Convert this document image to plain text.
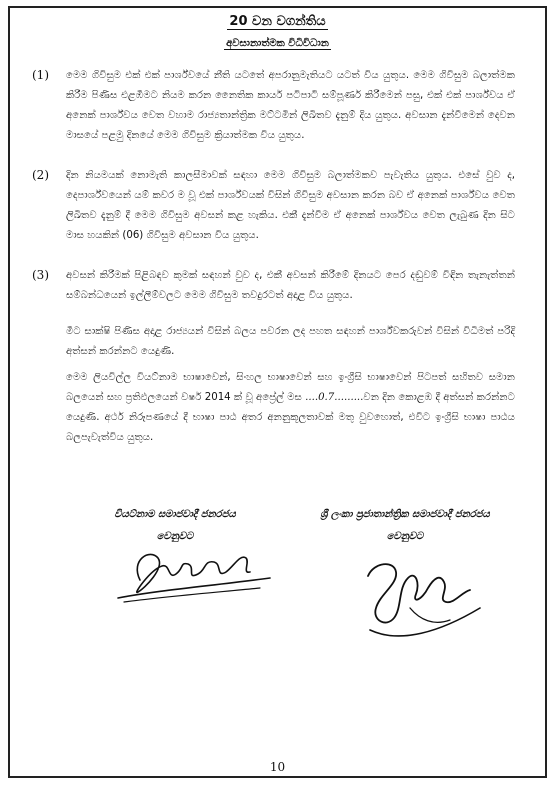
20 වන වගන්තිය
අවසානාත්මක විධිවිධාන
(1) මෙම ගිවිසුම එක් එක් පාර්ශ්වයේ නීති යටතේ අපරානුමැතියට යටත් විය යුතුය. මෙම ගිවිසුම බලාත්මක කිරීම පිණිස එළඹීමට නියම කරන නෛතික කාර්ය පටිපාටි සම්පූර්ණ කිරීමෙන් පසු, එක් එක් පාර්ශ්වය ඒ අනෙක් පාර්ශ්වය වෙත වහාම රාජ්‍යතාන්ත්‍රික මට්ටමින් ලිඛිතව දැනුම් දිය යුතුය. අවසාන දැන්වීමෙන් දෙවන මාසයේ පළමු දිනයේ මෙම ගිවිසුම ක්‍රියාත්මක විය යුතුය.
(2) දින නියමයක් නොමැති කාලසීමාවක් සඳහා මෙම ගිවිසුම බලාත්මකව පැවැතිය යුතුය. එසේ වුව ද, දෙපාර්ශ්වයෙන් යම් කවර ම වූ එක් පාර්ශ්වයක් විසින් ගිවිසුම අවසාන කරන බව ඒ අනෙක් පාර්ශ්වය වෙත ලිඛිතව දැනුම් දී මෙම ගිවිසුම අවසන් කළ හැකිය. එකී දැන්වීම ඒ අනෙක් පාර්ශ්වය වෙත ලැබුණ දින සිට මාස හයකින් (06) ගිවිසුම අවසාන විය යුතුය.
(3) අවසන් කිරීමක් පිළිබඳව කුමක් සඳහන් වුව ද, එකී අවසන් කිරීමේ දිනයට පෙර දඬුවම් විඳින තැනැත්තන් සම්බන්ධයෙන් ඉල්ලීම්වලට මෙම ගිවිසුම තවදුරටත් අදාළ විය යුතුය.
මීට සාක්ෂි පිණිස අදාළ රාජ්‍යයන් විසින් බලය පවරන ලද පහත සඳහන් පාර්ශ්වකරුවන් විසින් විධිමත් පරිදි අත්සන් කරන්නට යෙදුණි.
මෙම ලියවිල්ල වියට්නාම භාෂාවෙන්, සිංහල භාෂාවෙන් සහ ඉංග්‍රීසි භාෂාවෙන් පිටපත් සහිතව සමාන බලයෙන් සහ ප්‍රතිඵලයෙන් වර්ෂ 2014 ක් වූ අප්‍රේල් මස ....0.7.........වන දින කොළඹ දී අත්සන් කරන්නට යෙදුණි. අර්ථ නිරූපණයේ දී භාෂා පාඨ අතර අනනුකූලතාවක් මතු වුවහොත්, එවිට ඉංග්‍රීසි භාෂා පාඨය බලපැවැත්විය යුතුය.
වියට්නාම සමාජවාදී ජනරජය
වෙනුවට
ශ්‍රී ලංකා ප්‍රජාතාන්ත්‍රික සමාජවාදී ජනරජය
වෙනුවට
10
